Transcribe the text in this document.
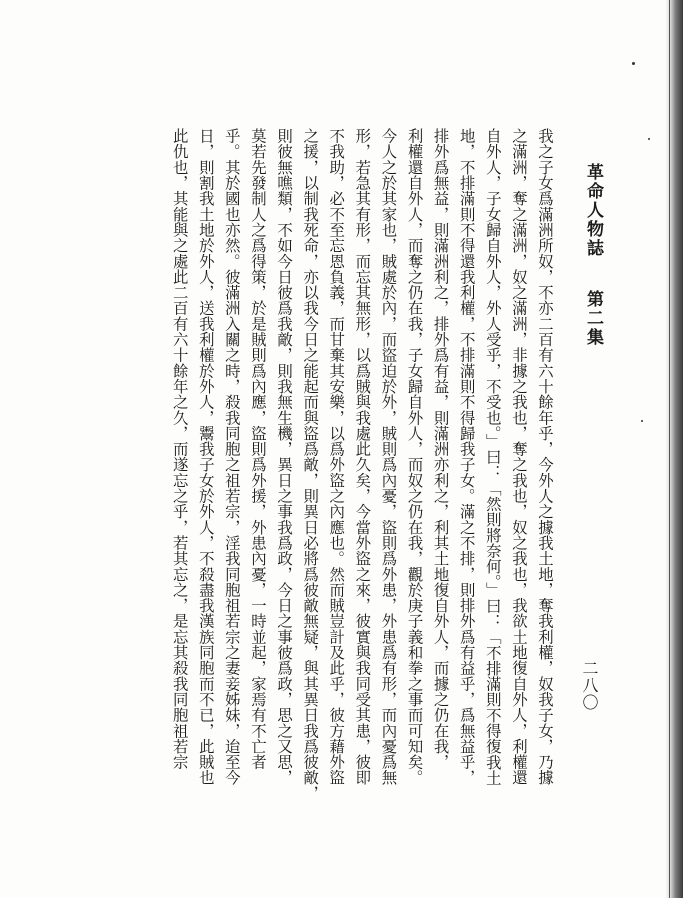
革命人物誌
第二集
二八〇
我之子女爲滿洲所奴，不亦二百有六十餘年乎，今外人之據我土地，奪我利權，奴我子女，乃據
之滿洲，奪之滿洲，奴之滿洲，非據之我也，奪之我也，奴之我也，我欲土地復自外人，利權還
自外人，子女歸自外人，外人受乎，不受也。」曰：「然則將奈何。」曰：「不排滿則不得復我土
地，不排滿則不得還我利權，不排滿則不得歸我子女。滿之不排，則排外爲有益乎，爲無益乎，
排外爲無益，則滿洲利之，排外爲有益，則滿洲亦利之，利其土地復自外人，而據之仍在我，
利權還自外人，而奪之仍在我，子女歸自外人，而奴之仍在我，觀於庚子義和拳之事而可知矣。
今人之於其家也，賊處於內，而盜迫於外，賊則爲內憂，盜則爲外患，外患爲有形，而內憂爲無
形，若急其有形，而忘其無形，以爲賊與我處此久矣，今當外盜之來，彼實與我同受其患，彼即
不我助，必不至忘恩負義，而甘棄其安樂，以爲外盜之內應也。然而賊豈計及此乎，彼方藉外盜
之援，以制我死命，亦以我今日之能起而與盜爲敵，則異日必將爲彼敵無疑，與其異日我爲彼敵，
則彼無噍類，不如今日彼爲我敵，則我無生機，異日之事我爲政，今日之事彼爲政，思之又思，
莫若先發制人之爲得策，於是賊則爲內應，盜則爲外援，外患內憂，一時並起，家焉有不亡者
乎。其於國也亦然。彼滿洲入關之時，殺我同胞之祖若宗，淫我同胞祖若宗之妻妾姊妹，迨至今
日，則割我土地於外人，送我利權於外人，鬻我子女於外人，不殺盡我漢族同胞而不已，此賊也
此仇也，其能與之處此二百有六十餘年之久，而遂忘之乎，若其忘之，是忘其殺我同胞祖若宗
